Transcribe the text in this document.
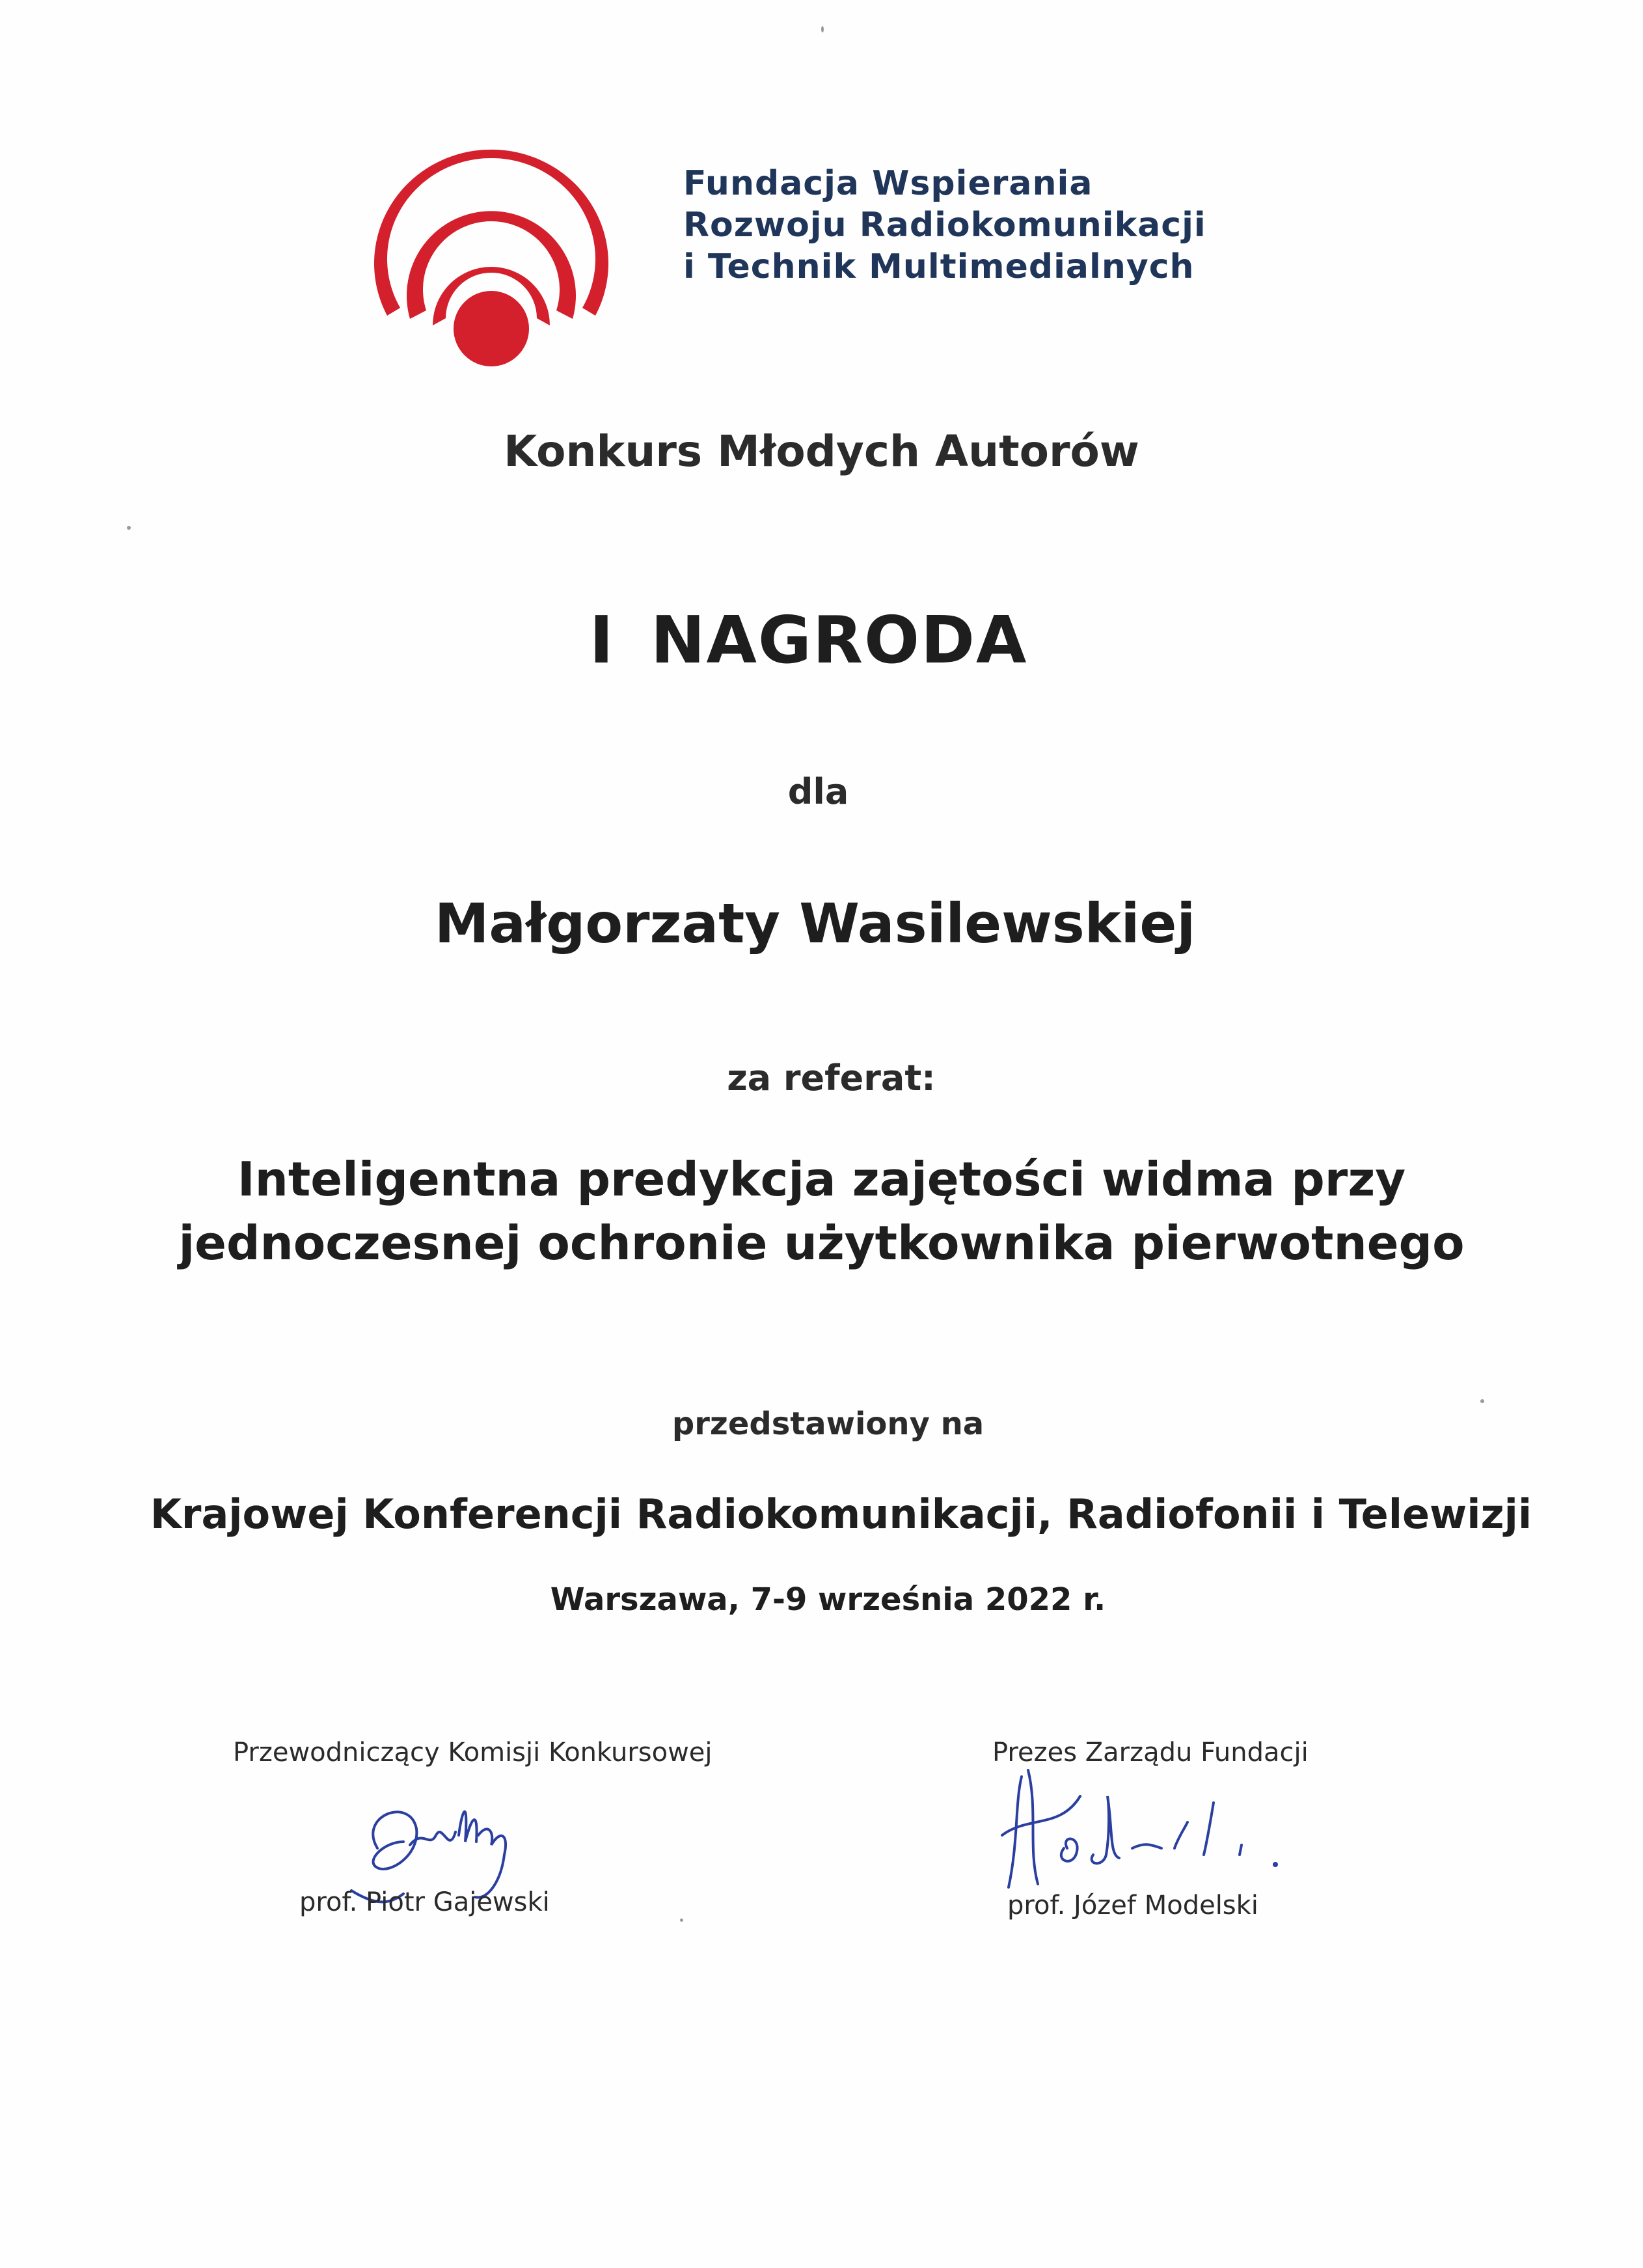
Fundacja Wspierania
Rozwoju Radiokomunikacji
i Technik Multimedialnych
Konkurs Młodych Autorów
I NAGRODA
dla
Małgorzaty Wasilewskiej
za referat:
Inteligentna predykcja zajętości widma przy
jednoczesnej ochronie użytkownika pierwotnego
przedstawiony na
Krajowej Konferencji Radiokomunikacji, Radiofonii i Telewizji
Warszawa, 7-9 września 2022 r.
Przewodniczący Komisji Konkursowej	Prezes Zarządu Fundacji
prof. Piotr Gajewski	prof. Józef Modelski
